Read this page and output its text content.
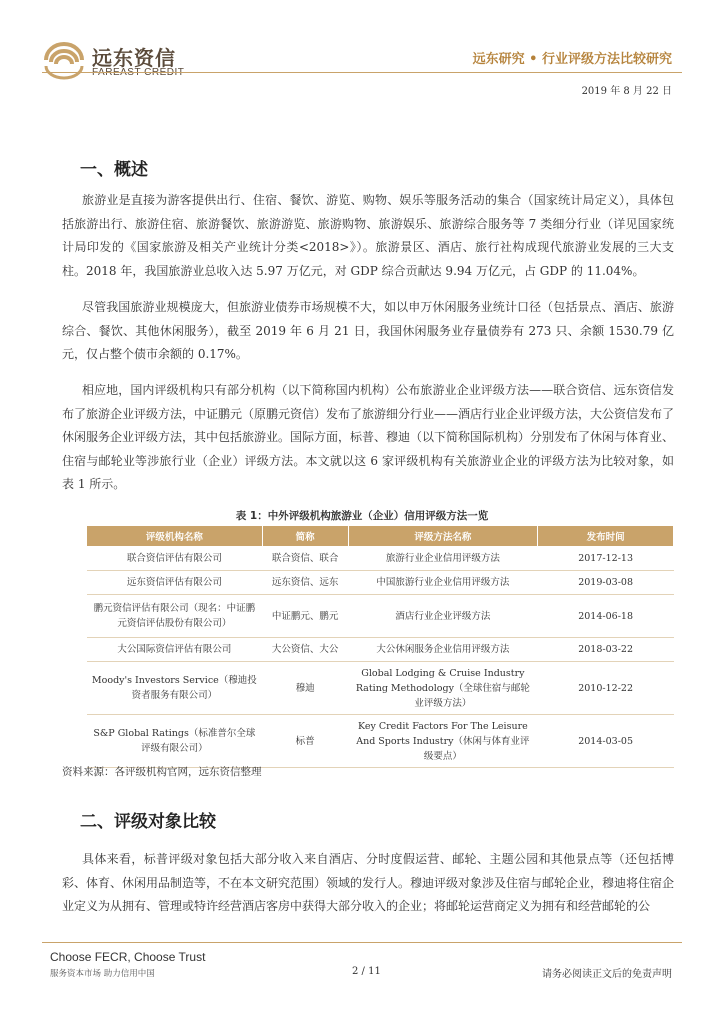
远东资信	远东研究 • 行业评级方法比较研究
2019 年 8 月 22 日
一、概述
旅游业是直接为游客提供出行、住宿、餐饮、游览、购物、娱乐等服务活动的集合（国家统计局定义），具体包括旅游出行、旅游住宿、旅游餐饮、旅游游览、旅游购物、旅游娱乐、旅游综合服务等 7 类细分行业（详见国家统计局印发的《国家旅游及相关产业统计分类<2018>》）。旅游景区、酒店、旅行社构成现代旅游业发展的三大支柱。2018 年，我国旅游业总收入达 5.97 万亿元，对 GDP 综合贡献达 9.94 万亿元，占 GDP 的 11.04%。
尽管我国旅游业规模庞大，但旅游业债券市场规模不大，如以申万休闲服务业统计口径（包括景点、酒店、旅游综合、餐饮、其他休闲服务），截至 2019 年 6 月 21 日，我国休闲服务业存量债券有 273 只、余额 1530.79 亿元，仅占整个债市余额的 0.17%。
相应地，国内评级机构只有部分机构（以下简称国内机构）公布旅游业企业评级方法——联合资信、远东资信发布了旅游企业评级方法，中证鹏元（原鹏元资信）发布了旅游细分行业——酒店行业企业评级方法，大公资信发布了休闲服务企业评级方法，其中包括旅游业。国际方面，标普、穆迪（以下简称国际机构）分别发布了休闲与体育业、住宿与邮轮业等涉旅行业（企业）评级方法。本文就以这 6 家评级机构有关旅游业企业的评级方法为比较对象，如表 1 所示。
表 1：中外评级机构旅游业（企业）信用评级方法一览
评级机构名称	简称	评级方法名称	发布时间
联合资信评估有限公司	联合资信、联合	旅游行业企业信用评级方法	2017-12-13
远东资信评估有限公司	远东资信、远东	中国旅游行业企业信用评级方法	2019-03-08
鹏元资信评估有限公司（现名：中证鹏元资信评估股份有限公司）	中证鹏元、鹏元	酒店行业企业评级方法	2014-06-18
大公国际资信评估有限公司	大公资信、大公	大公休闲服务企业信用评级方法	2018-03-22
Moody's Investors Service（穆迪投资者服务有限公司）	穆迪	Global Lodging & Cruise Industry Rating Methodology（全球住宿与邮轮业评级方法）	2010-12-22
S&P Global Ratings（标准普尔全球评级有限公司）	标普	Key Credit Factors For The Leisure And Sports Industry（休闲与体育业评级要点）	2014-03-05
资料来源：各评级机构官网，远东资信整理
二、评级对象比较
具体来看，标普评级对象包括大部分收入来自酒店、分时度假运营、邮轮、主题公园和其他景点等（还包括博彩、体育、休闲用品制造等，不在本文研究范围）领域的发行人。穆迪评级对象涉及住宿与邮轮企业，穆迪将住宿企业定义为从拥有、管理或特许经营酒店客房中获得大部分收入的企业；将邮轮运营商定义为拥有和经营邮轮的公
Choose FECR, Choose Trust
服务资本市场 助力信用中国	2 / 11	请务必阅读正文后的免责声明
